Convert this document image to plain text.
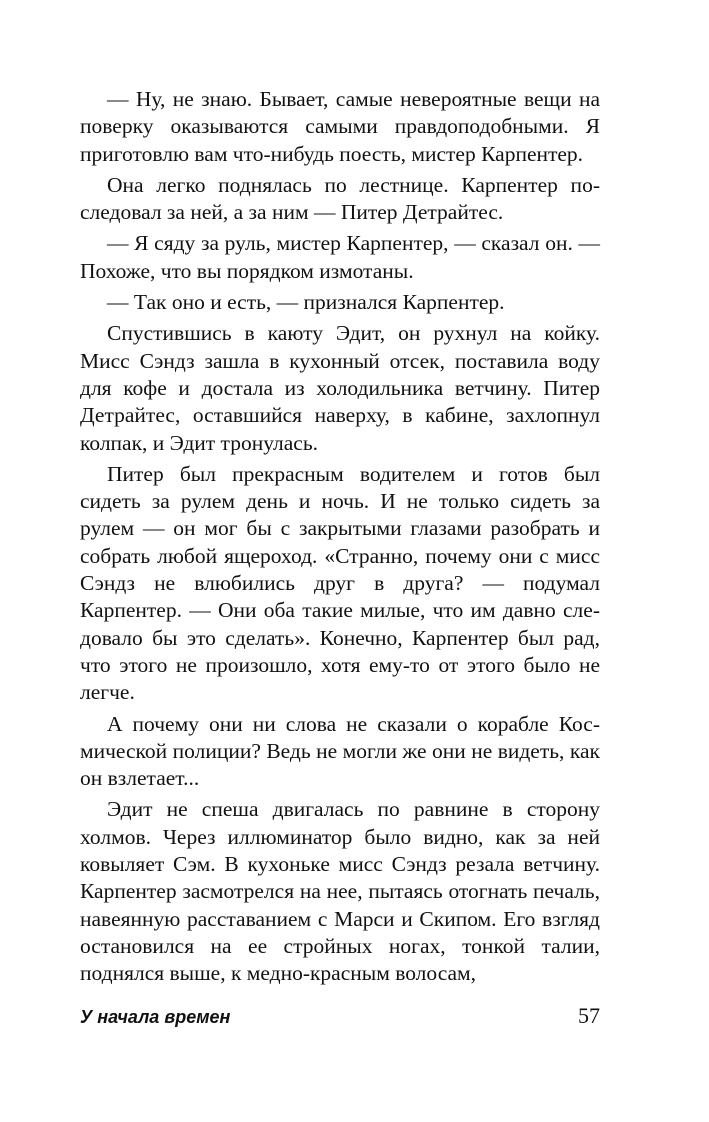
— Ну, не знаю. Бывает, самые невероятные вещи на поверку оказываются самыми правдоподобными. Я приготовлю вам что-нибудь поесть, мистер Карпентер.

Она легко поднялась по лестнице. Карпентер последовал за ней, а за ним — Питер Детрайтес.

— Я сяду за руль, мистер Карпентер, — сказал он. — Похоже, что вы порядком измотаны.

— Так оно и есть, — признался Карпентер.

Спустившись в каюту Эдит, он рухнул на койку. Мисс Сэндз зашла в кухонный отсек, поставила воду для кофе и достала из холодильника ветчину. Питер Детрайтес, оставшийся наверху, в кабине, захлопнул колпак, и Эдит тронулась.

Питер был прекрасным водителем и готов был сидеть за рулем день и ночь. И не только сидеть за рулем — он мог бы с закрытыми глазами разобрать и собрать любой ящероход. «Странно, почему они с мисс Сэндз не влюбились друг в друга? — подумал Карпентер. — Они оба такие милые, что им давно следовало бы это сделать». Конечно, Карпентер был рад, что этого не произошло, хотя ему-то от этого было не легче.

А почему они ни слова не сказали о корабле Космической полиции? Ведь не могли же они не видеть, как он взлетает...

Эдит не спеша двигалась по равнине в сторону холмов. Через иллюминатор было видно, как за ней ковыляет Сэм. В кухоньке мисс Сэндз резала ветчину. Карпентер засмотрелся на нее, пытаясь отогнать печаль, навеянную расставанием с Марси и Скипом. Его взгляд остановился на ее стройных ногах, тонкой талии, поднялся выше, к медно-красным волосам,

У начала времен	57
